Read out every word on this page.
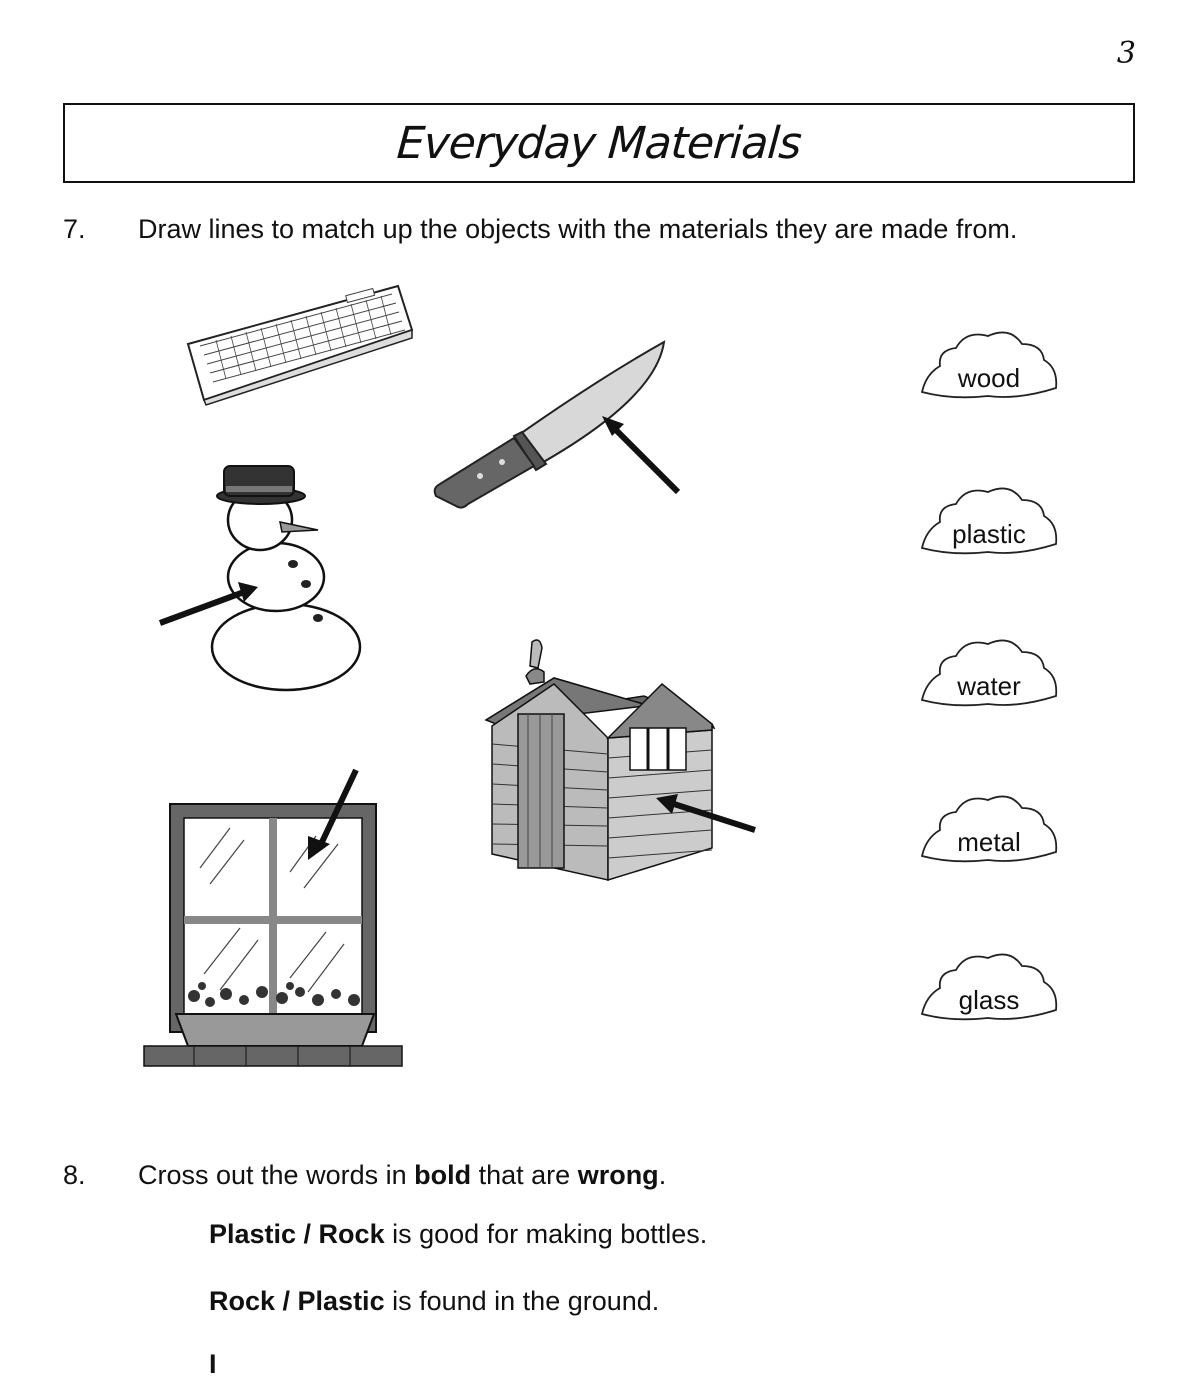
3
Everyday Materials
7.	Draw lines to match up the objects with the materials they are made from.
wood
plastic
water
metal
glass
8.	Cross out the words in bold that are wrong.
Plastic / Rock is good for making bottles.
Rock / Plastic is found in the ground.
I
